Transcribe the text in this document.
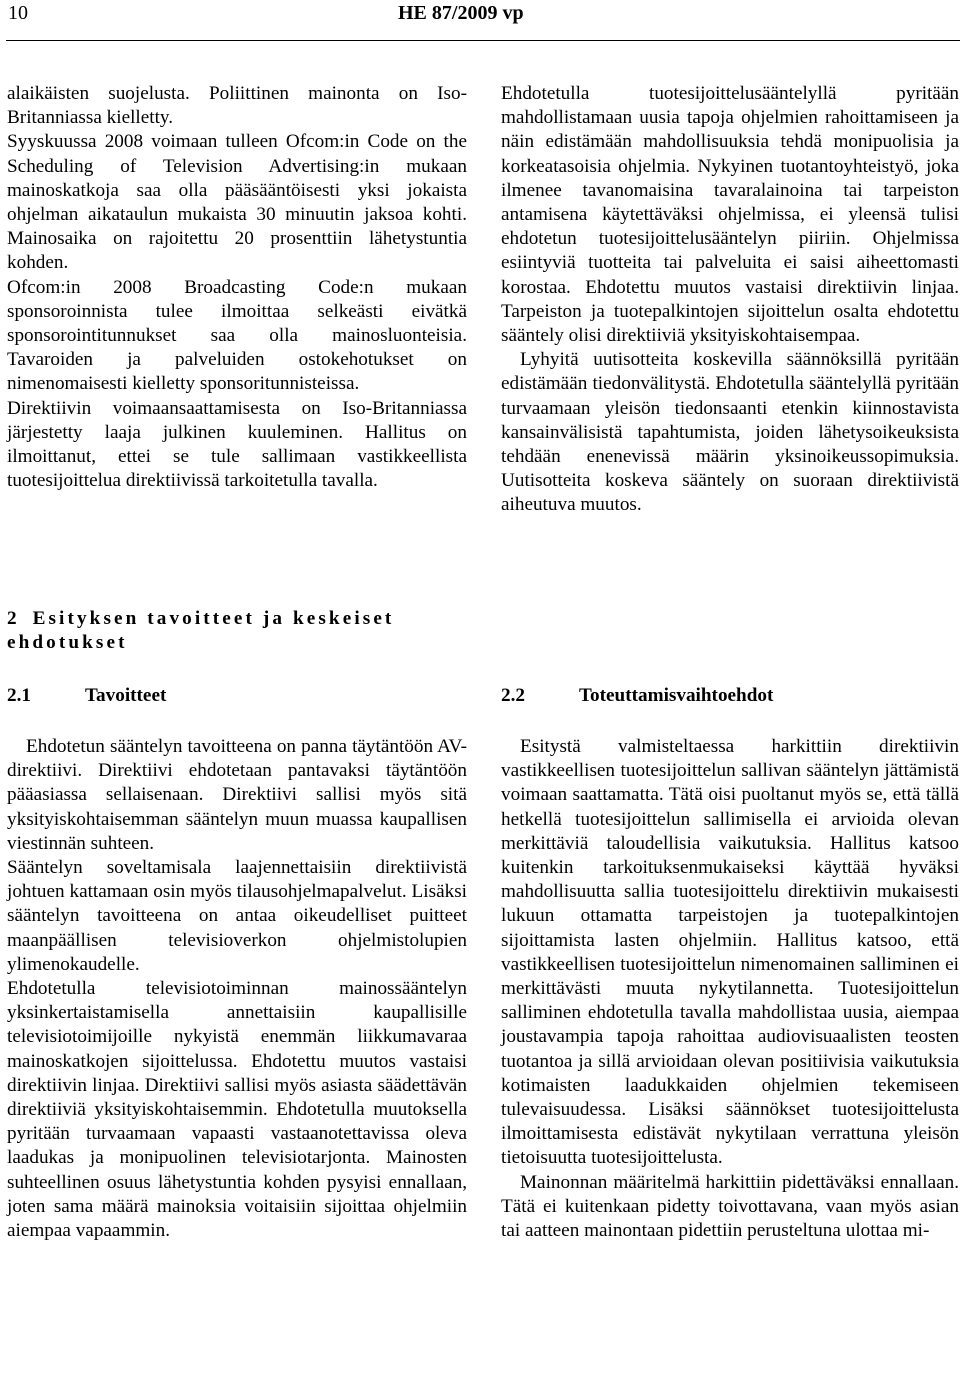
10	HE 87/2009 vp

alaikäisten suojelusta. Poliittinen mainonta on Iso-Britanniassa kielletty.

Syyskuussa 2008 voimaan tulleen Ofcom:in Code on the Scheduling of Television Advertising:in mukaan mainoskatkoja saa olla pääsääntöisesti yksi jokaista ohjelman aikataulun mukaista 30 minuutin jaksoa kohti. Mainosaika on rajoitettu 20 prosenttiin lähetystuntia kohden.

Ofcom:in 2008 Broadcasting Code:n mukaan sponsoroinnista tulee ilmoittaa selkeästi eivätkä sponsorointitunnukset saa olla mainosluonteisia. Tavaroiden ja palveluiden ostokehotukset on nimenomaisesti kielletty sponsoritunnisteissa.

Direktiivin voimaansaattamisesta on Iso-Britanniassa järjestetty laaja julkinen kuuleminen. Hallitus on ilmoittanut, ettei se tule sallimaan vastikkeellista tuotesijoittelua direktiivissä tarkoitetulla tavalla.

Ehdotetulla tuotesijoittelusääntelyllä pyritään mahdollistamaan uusia tapoja ohjelmien rahoittamiseen ja näin edistämään mahdollisuuksia tehdä monipuolisia ja korkeatasoisia ohjelmia. Nykyinen tuotantoyhteistyö, joka ilmenee tavanomaisina tavaralainoina tai tarpeiston antamisena käytettäväksi ohjelmissa, ei yleensä tulisi ehdotetun tuotesijoittelusääntelyn piiriin. Ohjelmissa esiintyviä tuotteita tai palveluita ei saisi aiheettomasti korostaa. Ehdotettu muutos vastaisi direktiivin linjaa. Tarpeiston ja tuotepalkintojen sijoittelun osalta ehdotettu sääntely olisi direktiiviä yksityiskohtaisempaa.

Lyhyitä uutisotteita koskevilla säännöksillä pyritään edistämään tiedonvälitystä. Ehdotetulla sääntelyllä pyritään turvaamaan yleisön tiedonsaanti etenkin kiinnostavista kansainvälisistä tapahtumista, joiden lähetysoikeuksista tehdään enenevissä määrin yksinoikeussopimuksia. Uutisotteita koskeva sääntely on suoraan direktiivistä aiheutuva muutos.

2 Esityksen tavoitteet ja keskeiset ehdotukset
2.1	Tavoitteet	2.2	Toteuttamisvaihtoehdot

Ehdotetun sääntelyn tavoitteena on panna täytäntöön AV-direktiivi. Direktiivi ehdotetaan pantavaksi täytäntöön pääasiassa sellaisenaan. Direktiivi sallisi myös sitä yksityiskohtaisemman sääntelyn muun muassa kaupallisen viestinnän suhteen.

Sääntelyn soveltamisala laajennettaisiin direktiivistä johtuen kattamaan osin myös tilausohjelmapalvelut. Lisäksi sääntelyn tavoitteena on antaa oikeudelliset puitteet maanpäällisen televisioverkon ohjelmistolupien ylimenokaudelle.

Ehdotetulla televisiotoiminnan mainossääntelyn yksinkertaistamisella annettaisiin kaupallisille televisiotoimijoille nykyistä enemmän liikkumavaraa mainoskatkojen sijoittelussa. Ehdotettu muutos vastaisi direktiivin linjaa. Direktiivi sallisi myös asiasta säädettävän direktiiviä yksityiskohtaisemmin. Ehdotetulla muutoksella pyritään turvaamaan vapaasti vastaanotettavissa oleva laadukas ja monipuolinen televisiotarjonta. Mainosten suhteellinen osuus lähetystuntia kohden pysyisi ennallaan, joten sama määrä mainoksia voitaisiin sijoittaa ohjelmiin aiempaa vapaammin.

Esitystä valmisteltaessa harkittiin direktiivin vastikkeellisen tuotesijoittelun sallivan sääntelyn jättämistä voimaan saattamatta. Tätä oisi puoltanut myös se, että tällä hetkellä tuotesijoittelun sallimisella ei arvioida olevan merkittäviä taloudellisia vaikutuksia. Hallitus katsoo kuitenkin tarkoituksenmukaiseksi käyttää hyväksi mahdollisuutta sallia tuotesijoittelu direktiivin mukaisesti lukuun ottamatta tarpeistojen ja tuotepalkintojen sijoittamista lasten ohjelmiin. Hallitus katsoo, että vastikkeellisen tuotesijoittelun nimenomainen salliminen ei merkittävästi muuta nykytilannetta. Tuotesijoittelun salliminen ehdotetulla tavalla mahdollistaa uusia, aiempaa joustavampia tapoja rahoittaa audiovisuaalisten teosten tuotantoa ja sillä arvioidaan olevan positiivisia vaikutuksia kotimaisten laadukkaiden ohjelmien tekemiseen tulevaisuudessa. Lisäksi säännökset tuotesijoittelusta ilmoittamisesta edistävät nykytilaan verrattuna yleisön tietoisuutta tuotesijoittelusta.

Mainonnan määritelmä harkittiin pidettäväksi ennallaan. Tätä ei kuitenkaan pidetty toivottavana, vaan myös asian tai aatteen mainontaan pidettiin perusteltuna ulottaa mi-
